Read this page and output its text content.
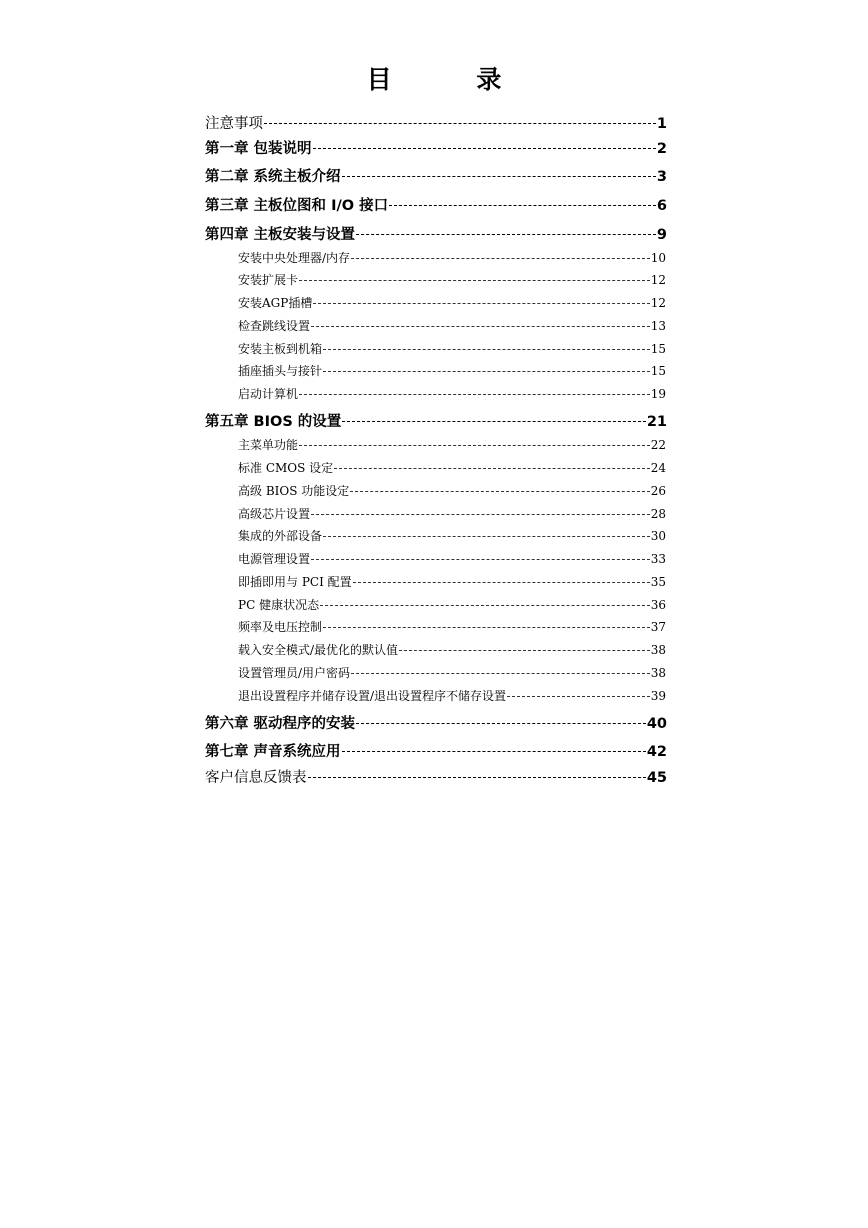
目 录
注意事项	1
第一章 包装说明	2
第二章 系统主板介绍	3
第三章 主板位图和 I/O 接口	6
第四章 主板安装与设置	9
安装中央处理器/内存	10
安装扩展卡	12
安装AGP插槽	12
检查跳线设置	13
安装主板到机箱	15
插座插头与接针	15
启动计算机	19
第五章 BIOS 的设置	21
主菜单功能	22
标准 CMOS 设定	24
高级 BIOS 功能设定	26
高级芯片设置	28
集成的外部设备	30
电源管理设置	33
即插即用与 PCI 配置	35
PC 健康状况态	36
频率及电压控制	37
载入安全模式/最优化的默认值	38
设置管理员/用户密码	38
退出设置程序并储存设置/退出设置程序不储存设置	39
第六章 驱动程序的安装	40
第七章 声音系统应用	42
客户信息反馈表	45
